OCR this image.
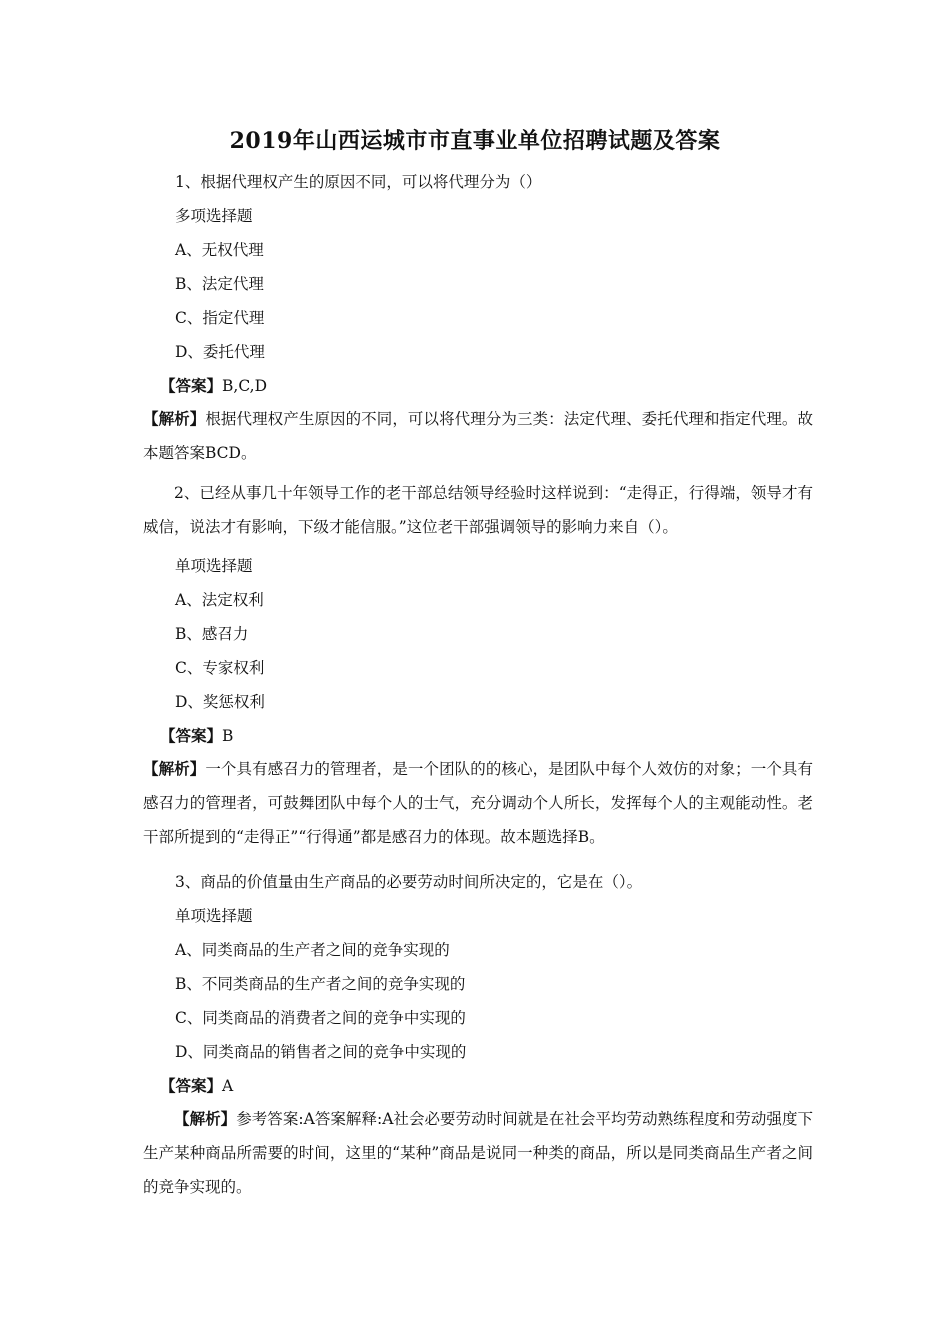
2019年山西运城市市直事业单位招聘试题及答案

1、根据代理权产生的原因不同，可以将代理分为（）

多项选择题

A、无权代理

B、法定代理

C、指定代理

D、委托代理

【答案】B,C,D

【解析】根据代理权产生原因的不同，可以将代理分为三类：法定代理、委托代理和指定代理。故本题答案BCD。

2、已经从事几十年领导工作的老干部总结领导经验时这样说到：“走得正，行得端，领导才有威信，说法才有影响，下级才能信服。”这位老干部强调领导的影响力来自（）。

单项选择题

A、法定权利

B、感召力

C、专家权利

D、奖惩权利

【答案】B

【解析】一个具有感召力的管理者，是一个团队的的核心，是团队中每个人效仿的对象；一个具有感召力的管理者，可鼓舞团队中每个人的士气，充分调动个人所长，发挥每个人的主观能动性。老干部所提到的“走得正”“行得通”都是感召力的体现。故本题选择B。

3、商品的价值量由生产商品的必要劳动时间所决定的，它是在（）。

单项选择题

A、同类商品的生产者之间的竞争实现的

B、不同类商品的生产者之间的竞争实现的

C、同类商品的消费者之间的竞争中实现的

D、同类商品的销售者之间的竞争中实现的

【答案】A

【解析】参考答案:A答案解释:A社会必要劳动时间就是在社会平均劳动熟练程度和劳动强度下生产某种商品所需要的时间，这里的“某种”商品是说同一种类的商品，所以是同类商品生产者之间的竞争实现的。
